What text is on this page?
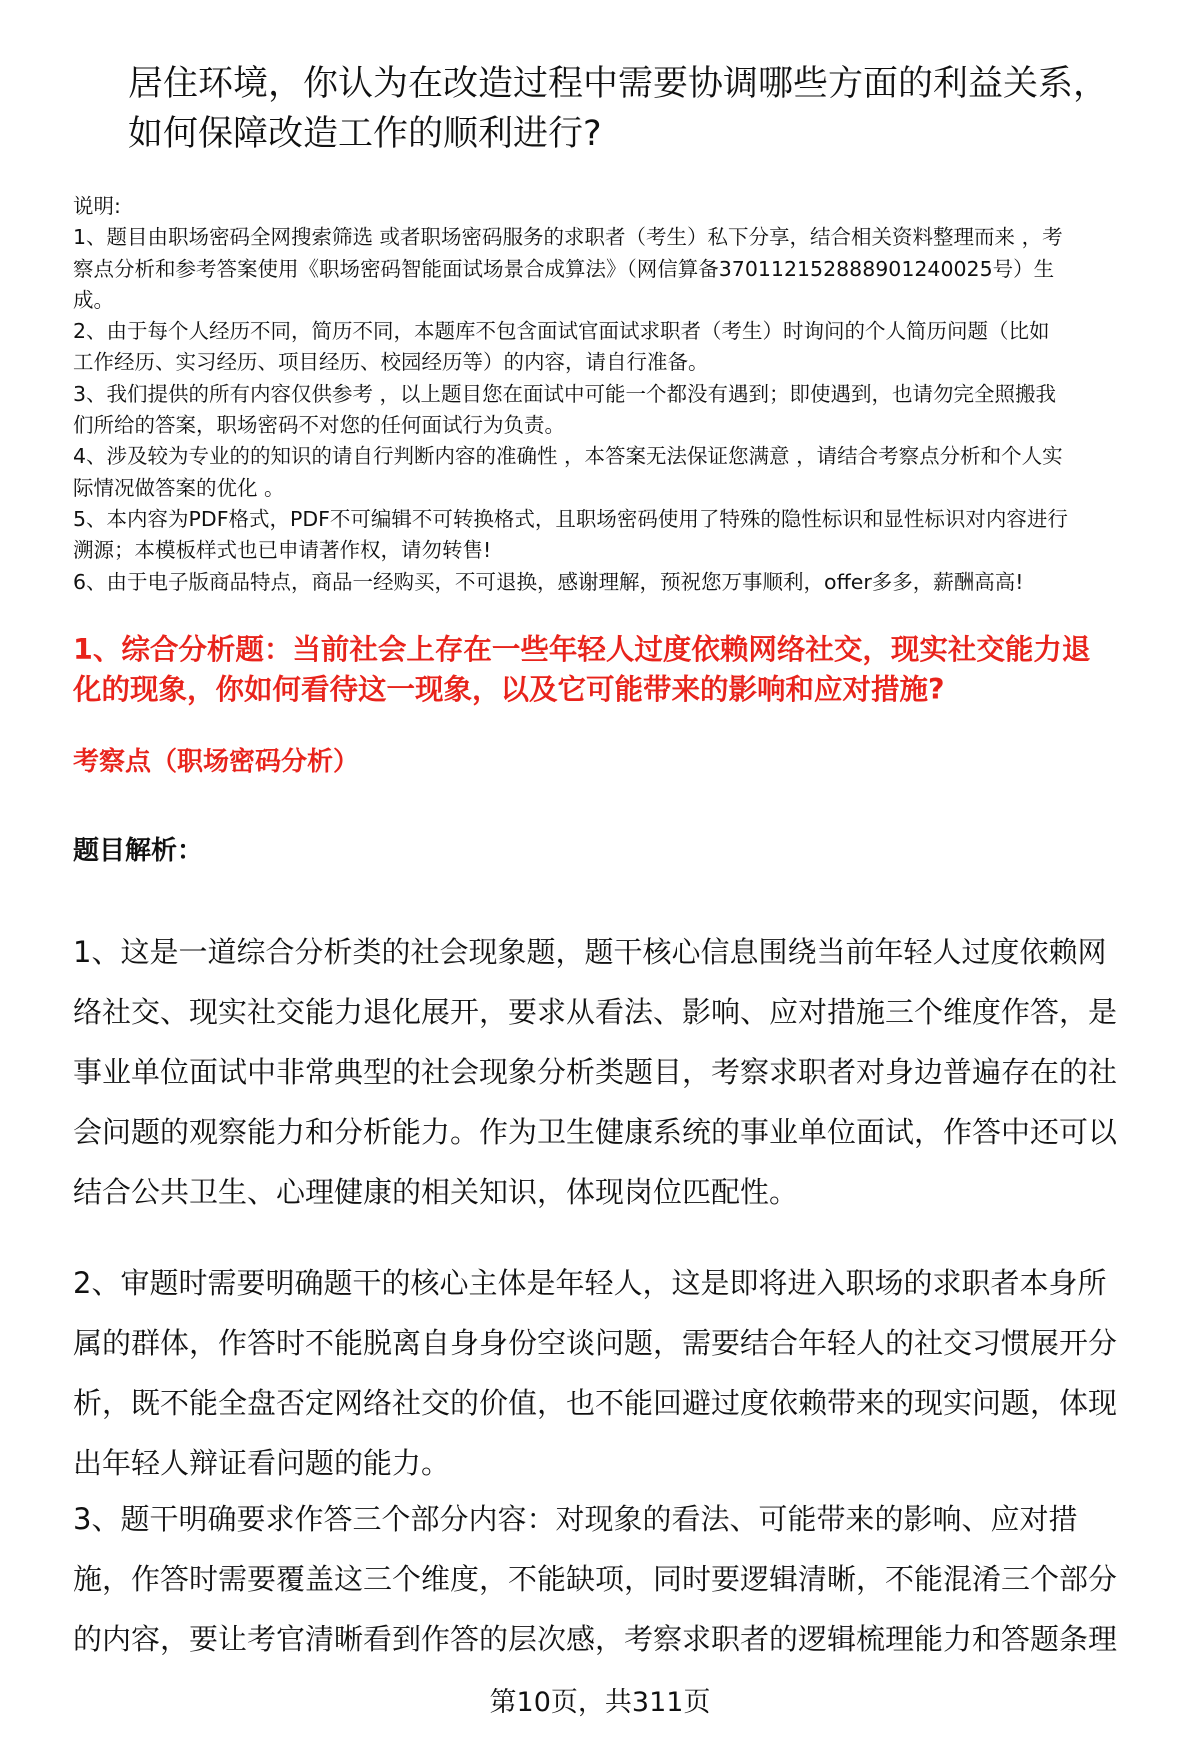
居住环境，你认为在改造过程中需要协调哪些方面的利益关系，
如何保障改造工作的顺利进行?
说明:
1、题目由职场密码全网搜索筛选 或者职场密码服务的求职者（考生）私下分享，结合相关资料整理而来 ，考
察点分析和参考答案使用《职场密码智能面试场景合成算法》（网信算备370112152888901240025号）生
成。
2、由于每个人经历不同，简历不同，本题库不包含面试官面试求职者（考生）时询问的个人简历问题（比如
工作经历、实习经历、项目经历、校园经历等）的内容，请自行准备。
3、我们提供的所有内容仅供参考 ，以上题目您在面试中可能一个都没有遇到；即使遇到，也请勿完全照搬我
们所给的答案，职场密码不对您的任何面试行为负责。
4、涉及较为专业的的知识的请自行判断内容的准确性 ，本答案无法保证您满意 ，请结合考察点分析和个人实
际情况做答案的优化 。
5、本内容为PDF格式，PDF不可编辑不可转换格式，且职场密码使用了特殊的隐性标识和显性标识对内容进行
溯源；本模板样式也已申请著作权，请勿转售!
6、由于电子版商品特点，商品一经购买，不可退换，感谢理解，预祝您万事顺利，offer多多，薪酬高高!
1、综合分析题：当前社会上存在一些年轻人过度依赖网络社交，现实社交能力退
化的现象，你如何看待这一现象，以及它可能带来的影响和应对措施?
考察点（职场密码分析）
题目解析：
1、这是一道综合分析类的社会现象题，题干核心信息围绕当前年轻人过度依赖网
络社交、现实社交能力退化展开，要求从看法、影响、应对措施三个维度作答，是
事业单位面试中非常典型的社会现象分析类题目，考察求职者对身边普遍存在的社
会问题的观察能力和分析能力。作为卫生健康系统的事业单位面试，作答中还可以
结合公共卫生、心理健康的相关知识，体现岗位匹配性。
2、审题时需要明确题干的核心主体是年轻人，这是即将进入职场的求职者本身所
属的群体，作答时不能脱离自身身份空谈问题，需要结合年轻人的社交习惯展开分
析，既不能全盘否定网络社交的价值，也不能回避过度依赖带来的现实问题，体现
出年轻人辩证看问题的能力。
3、题干明确要求作答三个部分内容：对现象的看法、可能带来的影响、应对措
施，作答时需要覆盖这三个维度，不能缺项，同时要逻辑清晰，不能混淆三个部分
的内容，要让考官清晰看到作答的层次感，考察求职者的逻辑梳理能力和答题条理
第10页，共311页
